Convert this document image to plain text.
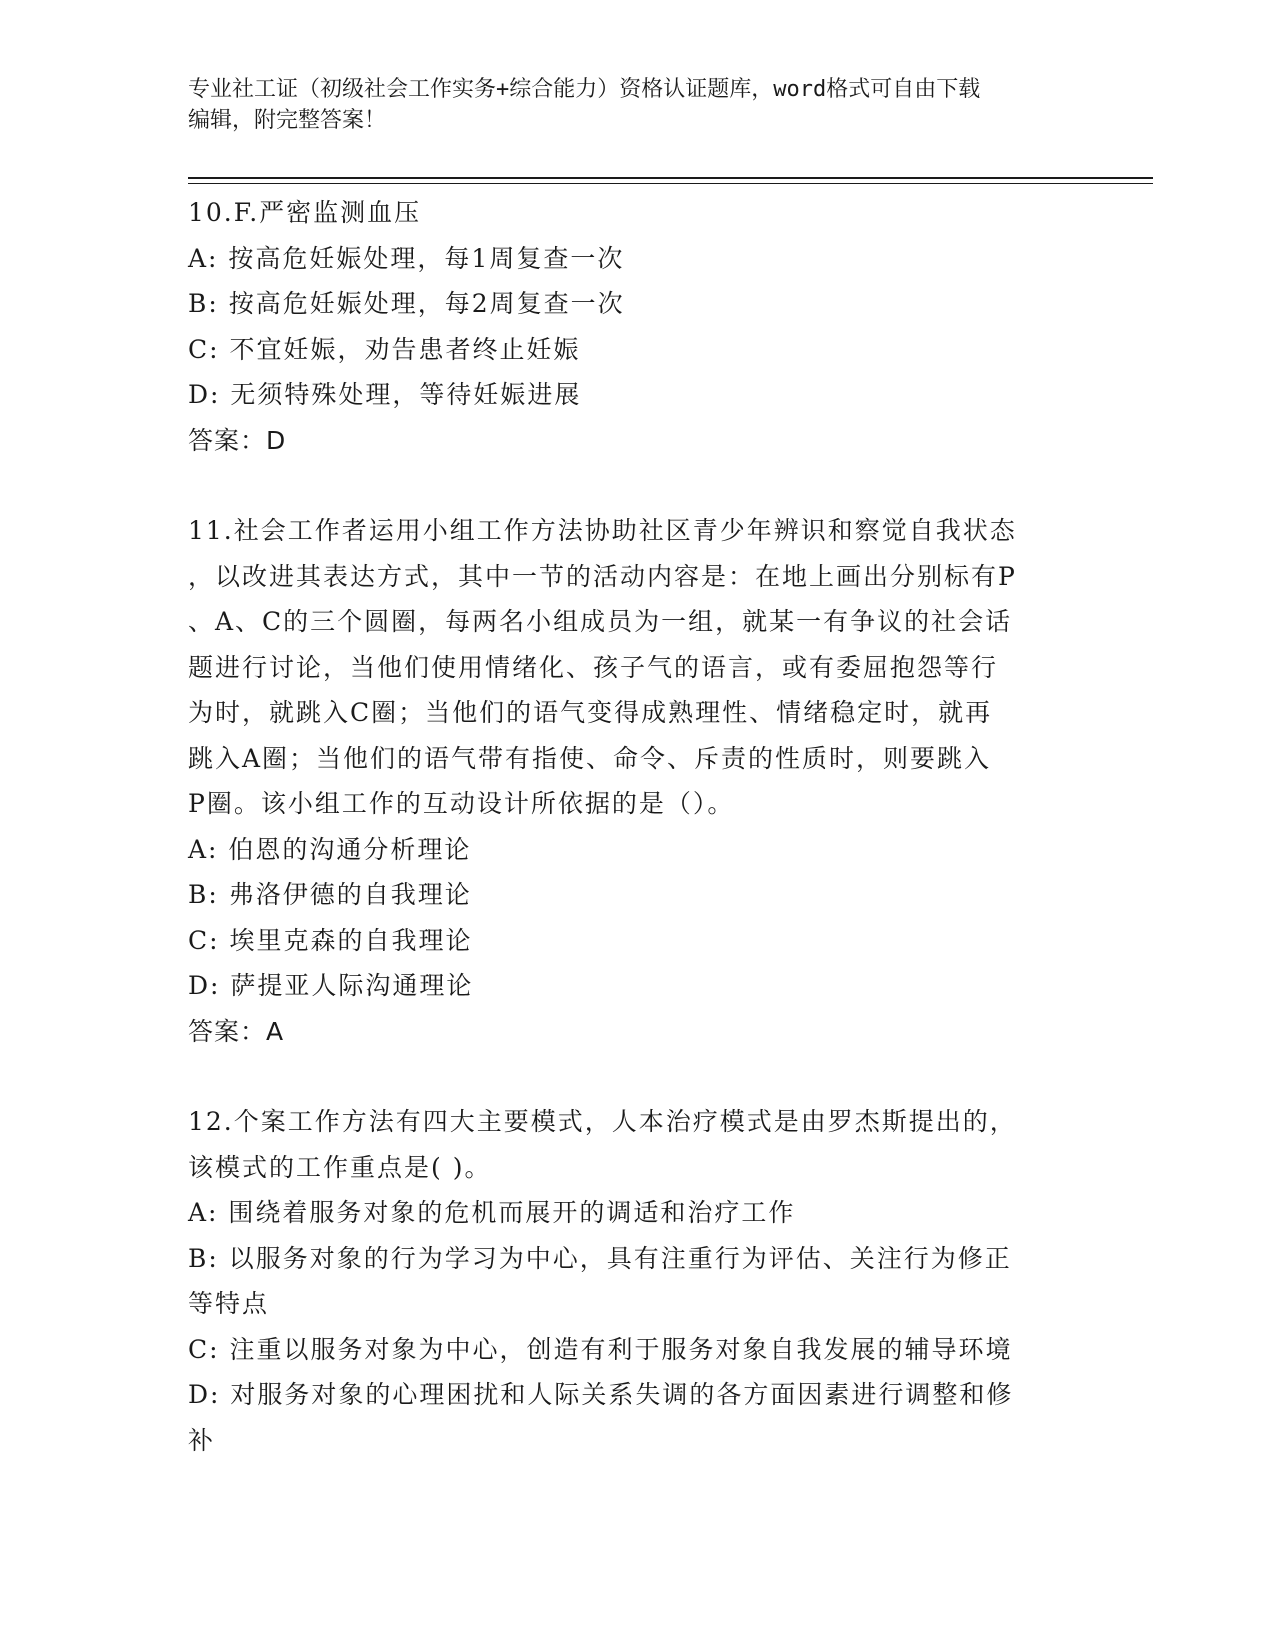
专业社工证（初级社会工作实务+综合能力）资格认证题库，word格式可自由下载
编辑，附完整答案！
10.F.严密监测血压
A: 按高危妊娠处理，每1周复查一次
B: 按高危妊娠处理，每2周复查一次
C: 不宜妊娠，劝告患者终止妊娠
D: 无须特殊处理，等待妊娠进展
答案：D
11.社会工作者运用小组工作方法协助社区青少年辨识和察觉自我状态
，以改进其表达方式，其中一节的活动内容是：在地上画出分别标有P
、A、C的三个圆圈，每两名小组成员为一组，就某一有争议的社会话
题进行讨论，当他们使用情绪化、孩子气的语言，或有委屈抱怨等行
为时，就跳入C圈；当他们的语气变得成熟理性、情绪稳定时，就再
跳入A圈；当他们的语气带有指使、命令、斥责的性质时，则要跳入
P圈。该小组工作的互动设计所依据的是（）。
A: 伯恩的沟通分析理论
B: 弗洛伊德的自我理论
C: 埃里克森的自我理论
D: 萨提亚人际沟通理论
答案：A
12.个案工作方法有四大主要模式，人本治疗模式是由罗杰斯提出的，
该模式的工作重点是( )。
A: 围绕着服务对象的危机而展开的调适和治疗工作
B: 以服务对象的行为学习为中心，具有注重行为评估、关注行为修正
等特点
C: 注重以服务对象为中心，创造有利于服务对象自我发展的辅导环境
D: 对服务对象的心理困扰和人际关系失调的各方面因素进行调整和修
补
